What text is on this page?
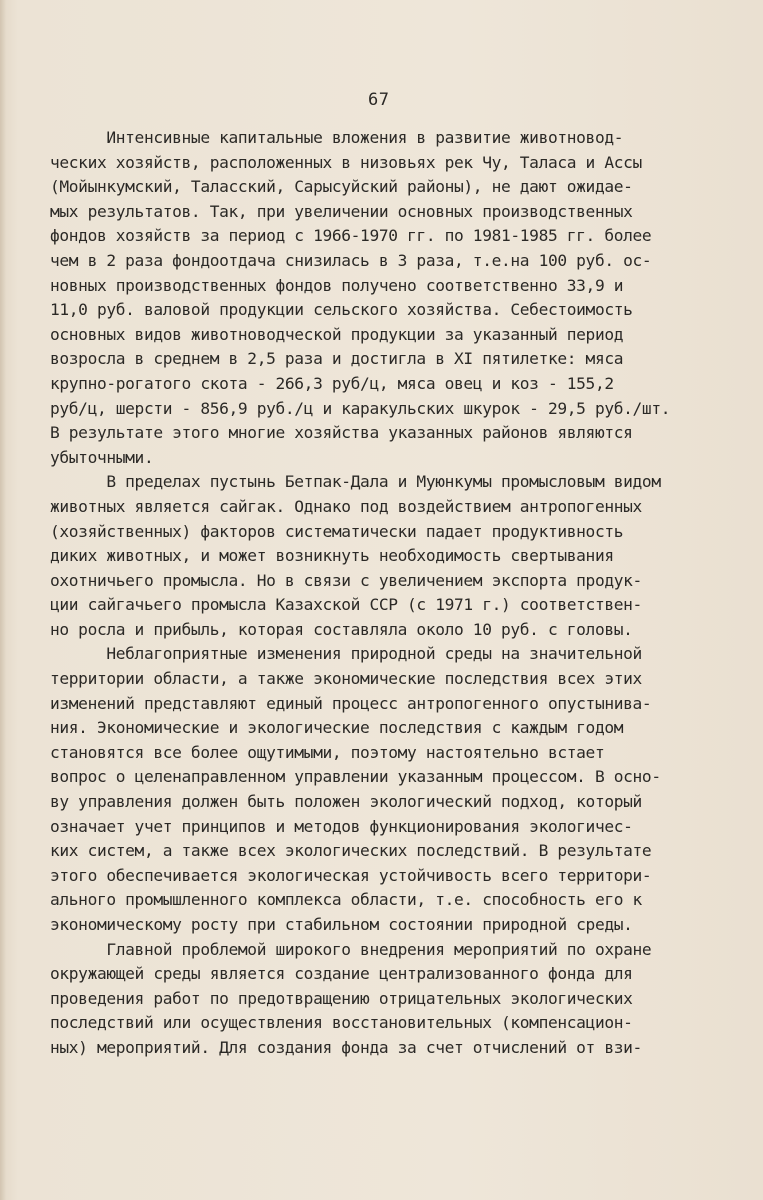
67
Интенсивные капитальные вложения в развитие животновод-
ческих хозяйств, расположенных в низовьях рек Чу, Таласа и Ассы
(Мойынкумский, Таласский, Сарысуйский районы), не дают ожидае-
мых результатов. Так, при увеличении основных производственных
фондов хозяйств за период с 1966-1970 гг. по 1981-1985 гг. более
чем в 2 раза фондоотдача снизилась в 3 раза, т.е.на 100 руб. ос-
новных производственных фондов получено соответственно 33,9 и
11,0 руб. валовой продукции сельского хозяйства. Себестоимость
основных видов животноводческой продукции за указанный период
возросла в среднем в 2,5 раза и достигла в XI пятилетке: мяса
крупно-рогатого скота - 266,3 руб/ц, мяса овец и коз - 155,2
руб/ц, шерсти - 856,9 руб./ц и каракульских шкурок - 29,5 руб./шт.
В результате этого многие хозяйства указанных районов являются
убыточными.
В пределах пустынь Бетпак-Дала и Муюнкумы промысловым видом
животных является сайгак. Однако под воздействием антропогенных
(хозяйственных) факторов систематически падает продуктивность
диких животных, и может возникнуть необходимость свертывания
охотничьего промысла. Но в связи с увеличением экспорта продук-
ции сайгачьего промысла Казахской ССР (с 1971 г.) соответствен-
но росла и прибыль, которая составляла около 10 руб. с головы.
Неблагоприятные изменения природной среды на значительной
территории области, а также экономические последствия всех этих
изменений представляют единый процесс антропогенного опустынива-
ния. Экономические и экологические последствия с каждым годом
становятся все более ощутимыми, поэтому настоятельно встает
вопрос о целенаправленном управлении указанным процессом. В осно-
ву управления должен быть положен экологический подход, который
означает учет принципов и методов функционирования экологичес-
ких систем, а также всех экологических последствий. В результате
этого обеспечивается экологическая устойчивость всего территори-
ального промышленного комплекса области, т.е. способность его к
экономическому росту при стабильном состоянии природной среды.
Главной проблемой широкого внедрения мероприятий по охране
окружающей среды является создание централизованного фонда для
проведения работ по предотвращению отрицательных экологических
последствий или осуществления восстановительных (компенсацион-
ных) мероприятий. Для создания фонда за счет отчислений от взи-
